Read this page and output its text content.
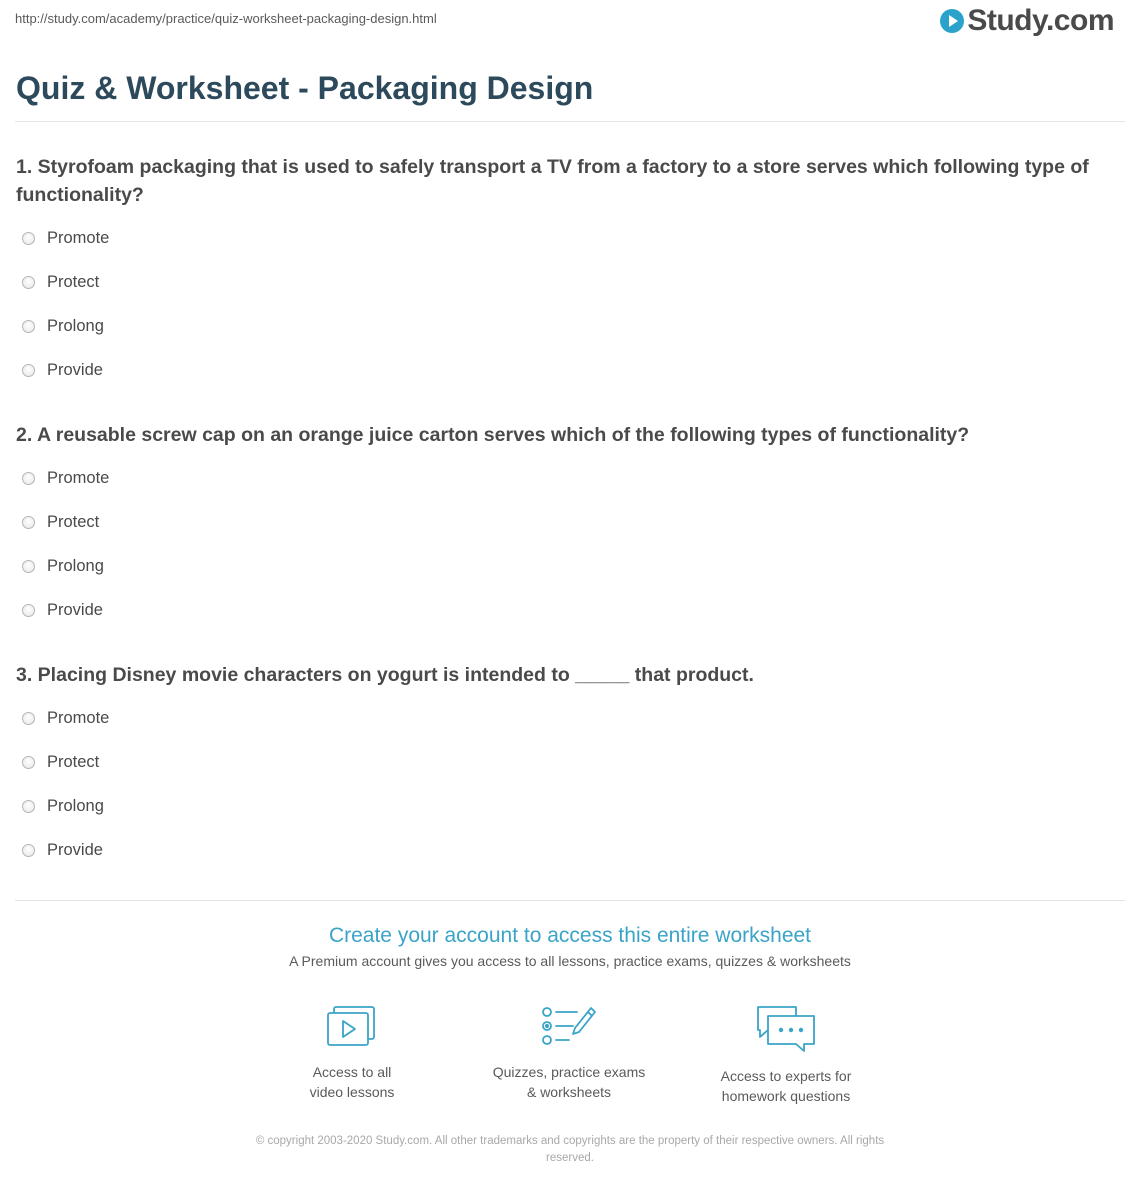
http://study.com/academy/practice/quiz-worksheet-packaging-design.html	Study.com
Quiz & Worksheet - Packaging Design
1. Styrofoam packaging that is used to safely transport a TV from a factory to a store serves which following type of functionality?
Promote
Protect
Prolong
Provide
2. A reusable screw cap on an orange juice carton serves which of the following types of functionality?
Promote
Protect
Prolong
Provide
3. Placing Disney movie characters on yogurt is intended to _____ that product.
Promote
Protect
Prolong
Provide
Create your account to access this entire worksheet
A Premium account gives you access to all lessons, practice exams, quizzes & worksheets
Access to all
video lessons
Quizzes, practice exams
& worksheets
Access to experts for
homework questions
© copyright 2003-2020 Study.com. All other trademarks and copyrights are the property of their respective owners. All rights
reserved.
